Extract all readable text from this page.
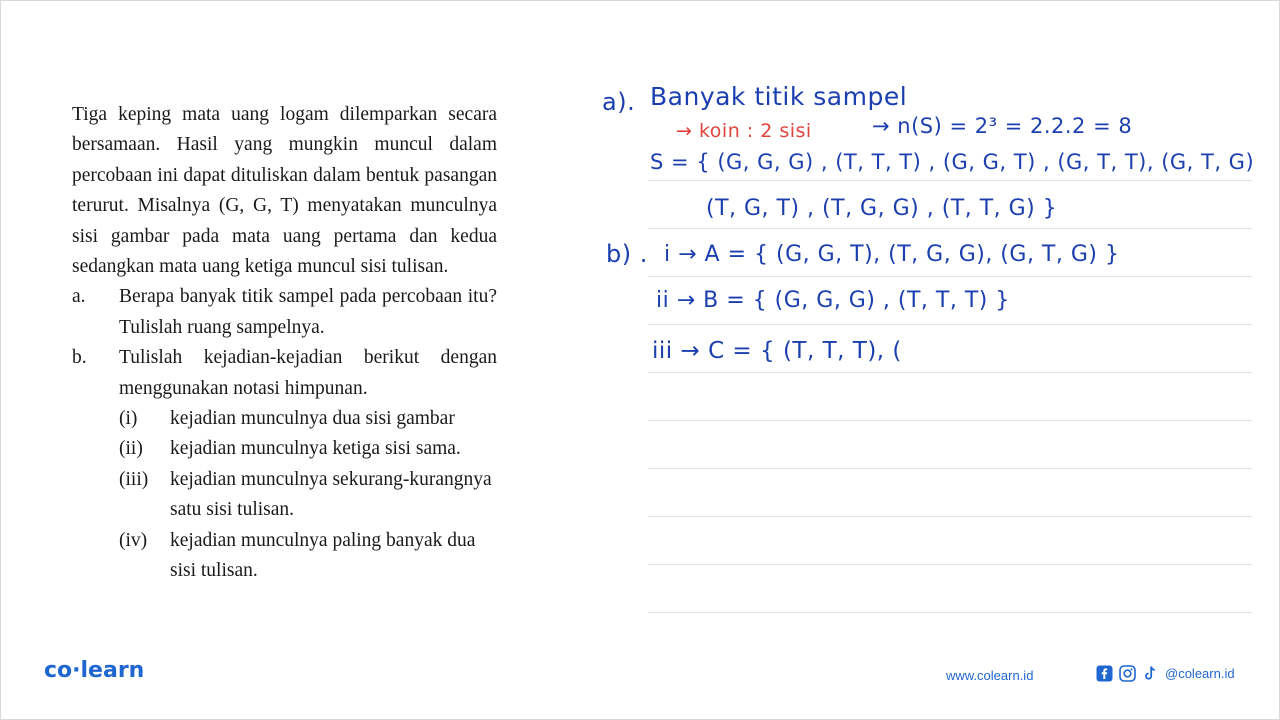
Tiga keping mata uang logam dilemparkan secara bersamaan. Hasil yang mungkin muncul dalam percobaan ini dapat dituliskan dalam bentuk pasangan terurut. Misalnya (G, G, T) menyatakan munculnya sisi gambar pada mata uang pertama dan kedua sedangkan mata uang ketiga muncul sisi tulisan.

a.	Berapa banyak titik sampel pada percobaan itu? Tulislah ruang sampelnya.
b.	Tulislah kejadian-kejadian berikut dengan menggunakan notasi himpunan.
(i)	kejadian munculnya dua sisi gambar
(ii)	kejadian munculnya ketiga sisi sama.
(iii)	kejadian munculnya sekurang-kurangnya satu sisi tulisan.
(iv)	kejadian munculnya paling banyak dua sisi tulisan.
a). Banyak titik sampel
→ koin : 2 sisi	→ n(S) = 2³ = 2.2.2 = 8
S = { (G, G, G) , (T, T, T) , (G, G, T) , (G, T, T), (G, T, G)
(T, G, T) , (T, G, G) , (T, T, G) }
b) . i → A = { (G, G, T), (T, G, G), (G, T, G) }
ii → B = { (G, G, G) , (T, T, T) }
iii → C = { (T, T, T), (
co·learn	www.colearn.id	@colearn.id
